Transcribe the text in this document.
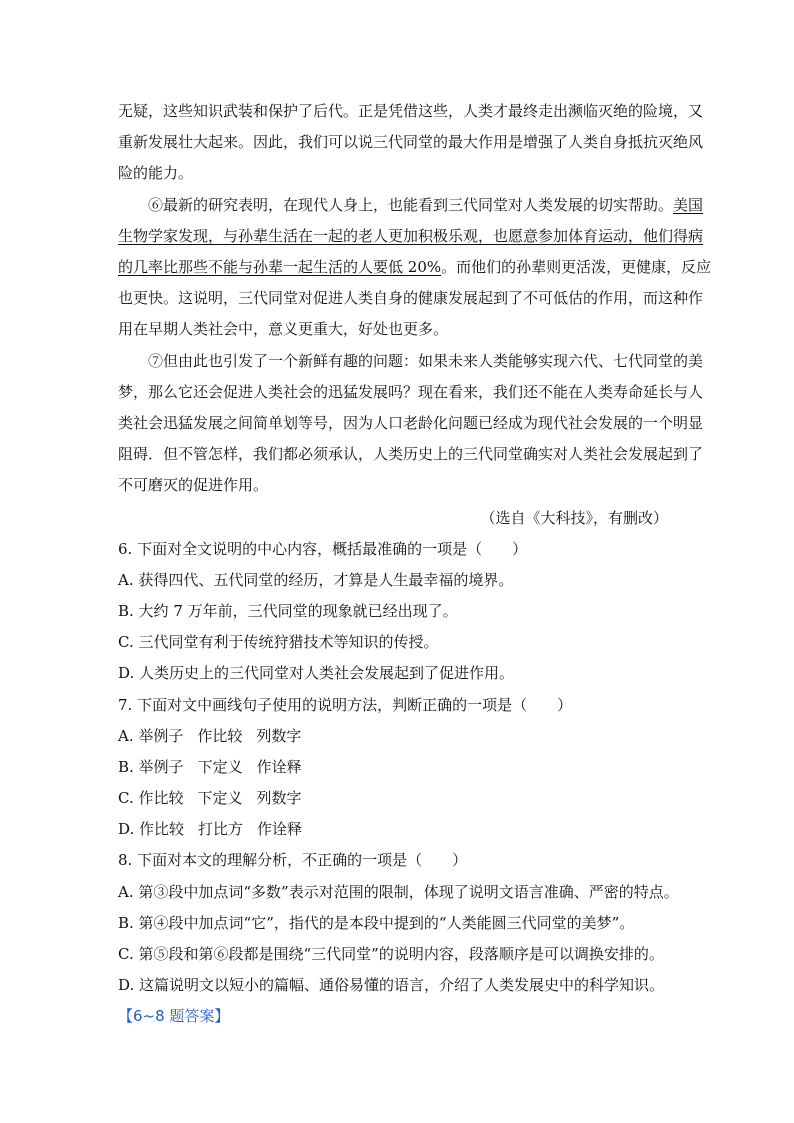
无疑，这些知识武装和保护了后代。正是凭借这些，人类才最终走出濒临灭绝的险境，又
重新发展壮大起来。因此，我们可以说三代同堂的最大作用是增强了人类自身抵抗灭绝风
险的能力。
⑥最新的研究表明，在现代人身上，也能看到三代同堂对人类发展的切实帮助。美国
生物学家发现，与孙辈生活在一起的老人更加积极乐观，也愿意参加体育运动，他们得病
的几率比那些不能与孙辈一起生活的人要低 20%。而他们的孙辈则更活泼，更健康，反应
也更快。这说明，三代同堂对促进人类自身的健康发展起到了不可低估的作用，而这种作
用在早期人类社会中，意义更重大，好处也更多。
⑦但由此也引发了一个新鲜有趣的问题：如果未来人类能够实现六代、七代同堂的美
梦，那么它还会促进人类社会的迅猛发展吗？现在看来，我们还不能在人类寿命延长与人
类社会迅猛发展之间简单划等号，因为人口老龄化问题已经成为现代社会发展的一个明显
阻碍．但不管怎样，我们都必须承认，人类历史上的三代同堂确实对人类社会发展起到了
不可磨灭的促进作用。
（选自《大科技》，有删改）
6. 下面对全文说明的中心内容，概括最准确的一项是（　　）
A. 获得四代、五代同堂的经历，才算是人生最幸福的境界。
B. 大约 7 万年前，三代同堂的现象就已经出现了。
C. 三代同堂有利于传统狩猎技术等知识的传授。
D. 人类历史上的三代同堂对人类社会发展起到了促进作用。
7. 下面对文中画线句子使用的说明方法，判断正确的一项是（　　）
A. 举例子 作比较 列数字
B. 举例子 下定义 作诠释
C. 作比较 下定义 列数字
D. 作比较 打比方 作诠释
8. 下面对本文的理解分析，不正确的一项是（　　）
A. 第③段中加点词“多数”表示对范围的限制，体现了说明文语言准确、严密的特点。
B. 第④段中加点词“它”，指代的是本段中提到的“人类能圆三代同堂的美梦”。
C. 第⑤段和第⑥段都是围绕“三代同堂”的说明内容，段落顺序是可以调换安排的。
D. 这篇说明文以短小的篇幅、通俗易懂的语言，介绍了人类发展史中的科学知识。
【6~8 题答案】
